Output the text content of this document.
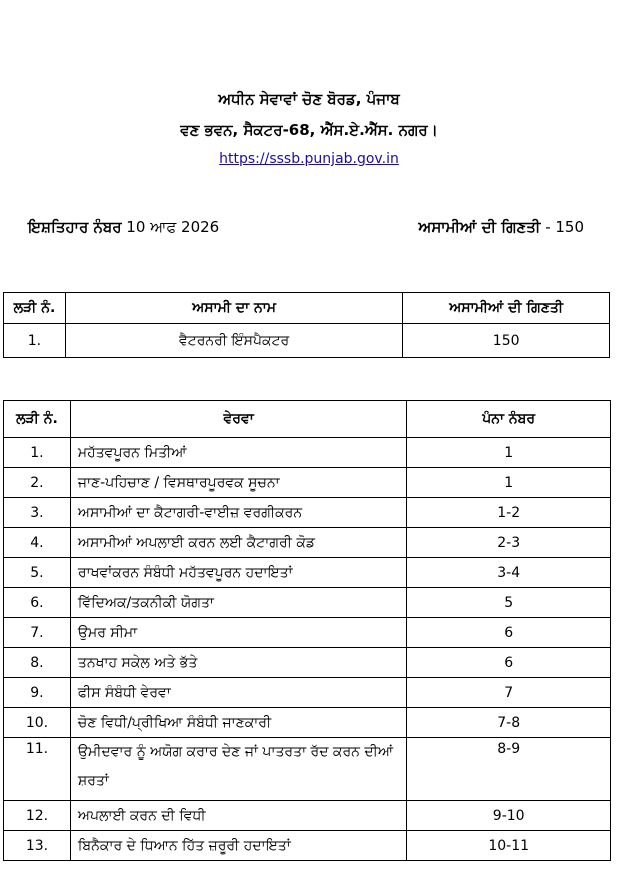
ਅਧੀਨ ਸੇਵਾਵਾਂ ਚੋਣ ਬੋਰਡ, ਪੰਜਾਬ
ਵਣ ਭਵਨ, ਸੈਕਟਰ-68, ਐੱਸ.ਏ.ਐੱਸ. ਨਗਰ।
https://sssb.punjab.gov.in
ਇਸ਼ਤਿਹਾਰ ਨੰਬਰ 10 ਆਫ 2026	ਅਸਾਮੀਆਂ ਦੀ ਗਿਣਤੀ - 150
ਲੜੀ ਨੰ.	ਅਸਾਮੀ ਦਾ ਨਾਮ	ਅਸਾਮੀਆਂ ਦੀ ਗਿਣਤੀ
1.	ਵੈਟਰਨਰੀ ਇੰਸਪੈਕਟਰ	150
ਲੜੀ ਨੰ.	ਵੇਰਵਾ	ਪੰਨਾ ਨੰਬਰ
1.	ਮਹੱਤਵਪੂਰਨ ਮਿਤੀਆਂ	1
2.	ਜਾਣ-ਪਹਿਚਾਣ / ਵਿਸਥਾਰਪੂਰਵਕ ਸੂਚਨਾ	1
3.	ਅਸਾਮੀਆਂ ਦਾ ਕੈਟਾਗਰੀ-ਵਾਈਜ਼ ਵਰਗੀਕਰਨ	1-2
4.	ਅਸਾਮੀਆਂ ਅਪਲਾਈ ਕਰਨ ਲਈ ਕੈਟਾਗਰੀ ਕੋਡ	2-3
5.	ਰਾਖਵਾਂਕਰਨ ਸੰਬੰਧੀ ਮਹੱਤਵਪੂਰਨ ਹਦਾਇਤਾਂ	3-4
6.	ਵਿੱਦਿਅਕ/ਤਕਨੀਕੀ ਯੋਗਤਾ	5
7.	ਉਮਰ ਸੀਮਾ	6
8.	ਤਨਖਾਹ ਸਕੇਲ ਅਤੇ ਭੱਤੇ	6
9.	ਫੀਸ ਸੰਬੰਧੀ ਵੇਰਵਾ	7
10.	ਚੋਣ ਵਿਧੀ/ਪ੍ਰੀਖਿਆ ਸੰਬੰਧੀ ਜਾਣਕਾਰੀ	7-8
11.	ਉਮੀਦਵਾਰ ਨੂੰ ਅਯੋਗ ਕਰਾਰ ਦੇਣ ਜਾਂ ਪਾਤਰਤਾ ਰੱਦ ਕਰਨ ਦੀਆਂ ਸ਼ਰਤਾਂ	8-9
12.	ਅਪਲਾਈ ਕਰਨ ਦੀ ਵਿਧੀ	9-10
13.	ਬਿਨੈਕਾਰ ਦੇ ਧਿਆਨ ਹਿੱਤ ਜ਼ਰੂਰੀ ਹਦਾਇਤਾਂ	10-11
